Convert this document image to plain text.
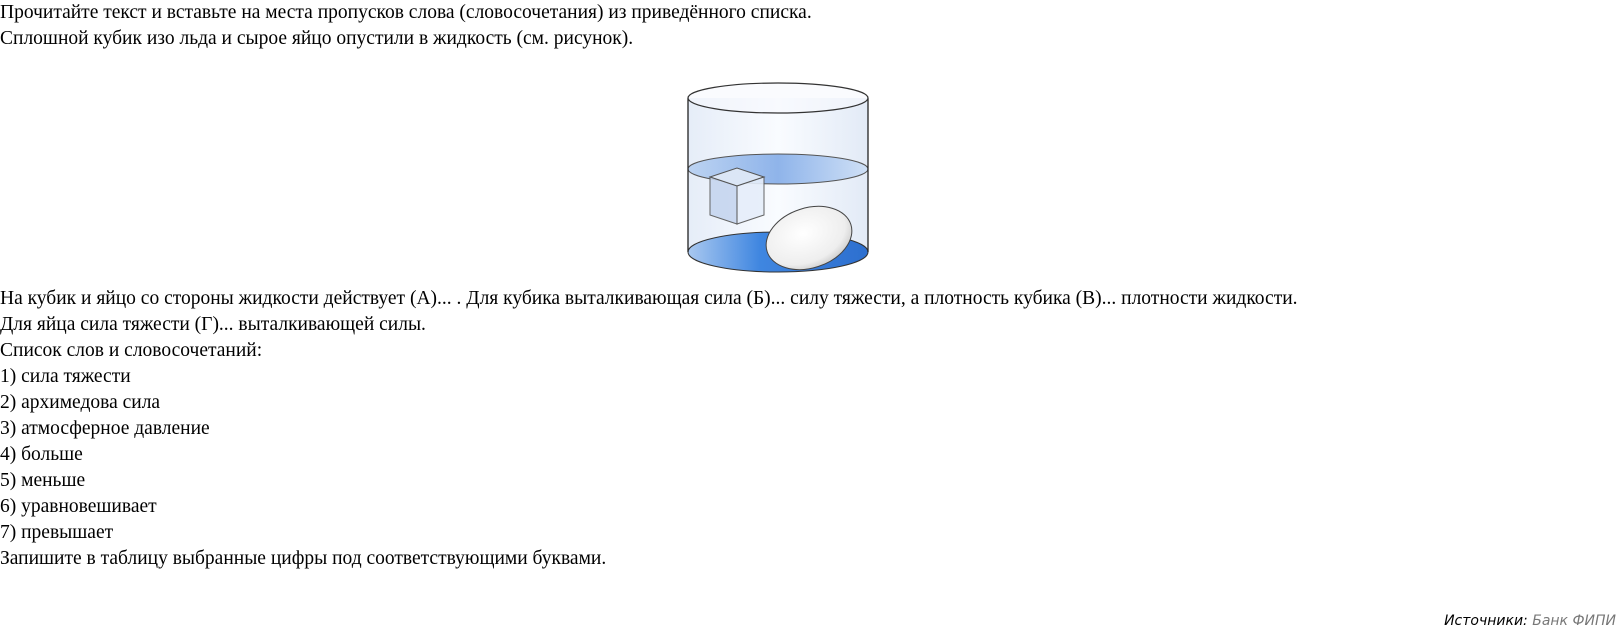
Прочитайте текст и вставьте на места пропусков слова (словосочетания) из приведённого списка.
Сплошной кубик изо льда и сырое яйцо опустили в жидкость (см. рисунок).
На кубик и яйцо со стороны жидкости действует (А)... . Для кубика выталкивающая сила (Б)... силу тяжести, а плотность кубика (В)... плотности жидкости.
Для яйца сила тяжести (Г)... выталкивающей силы.
Список слов и словосочетаний:
1) сила тяжести
2) архимедова сила
3) атмосферное давление
4) больше
5) меньше
6) уравновешивает
7) превышает
Запишите в таблицу выбранные цифры под соответствующими буквами.
Источники: Банк ФИПИ
